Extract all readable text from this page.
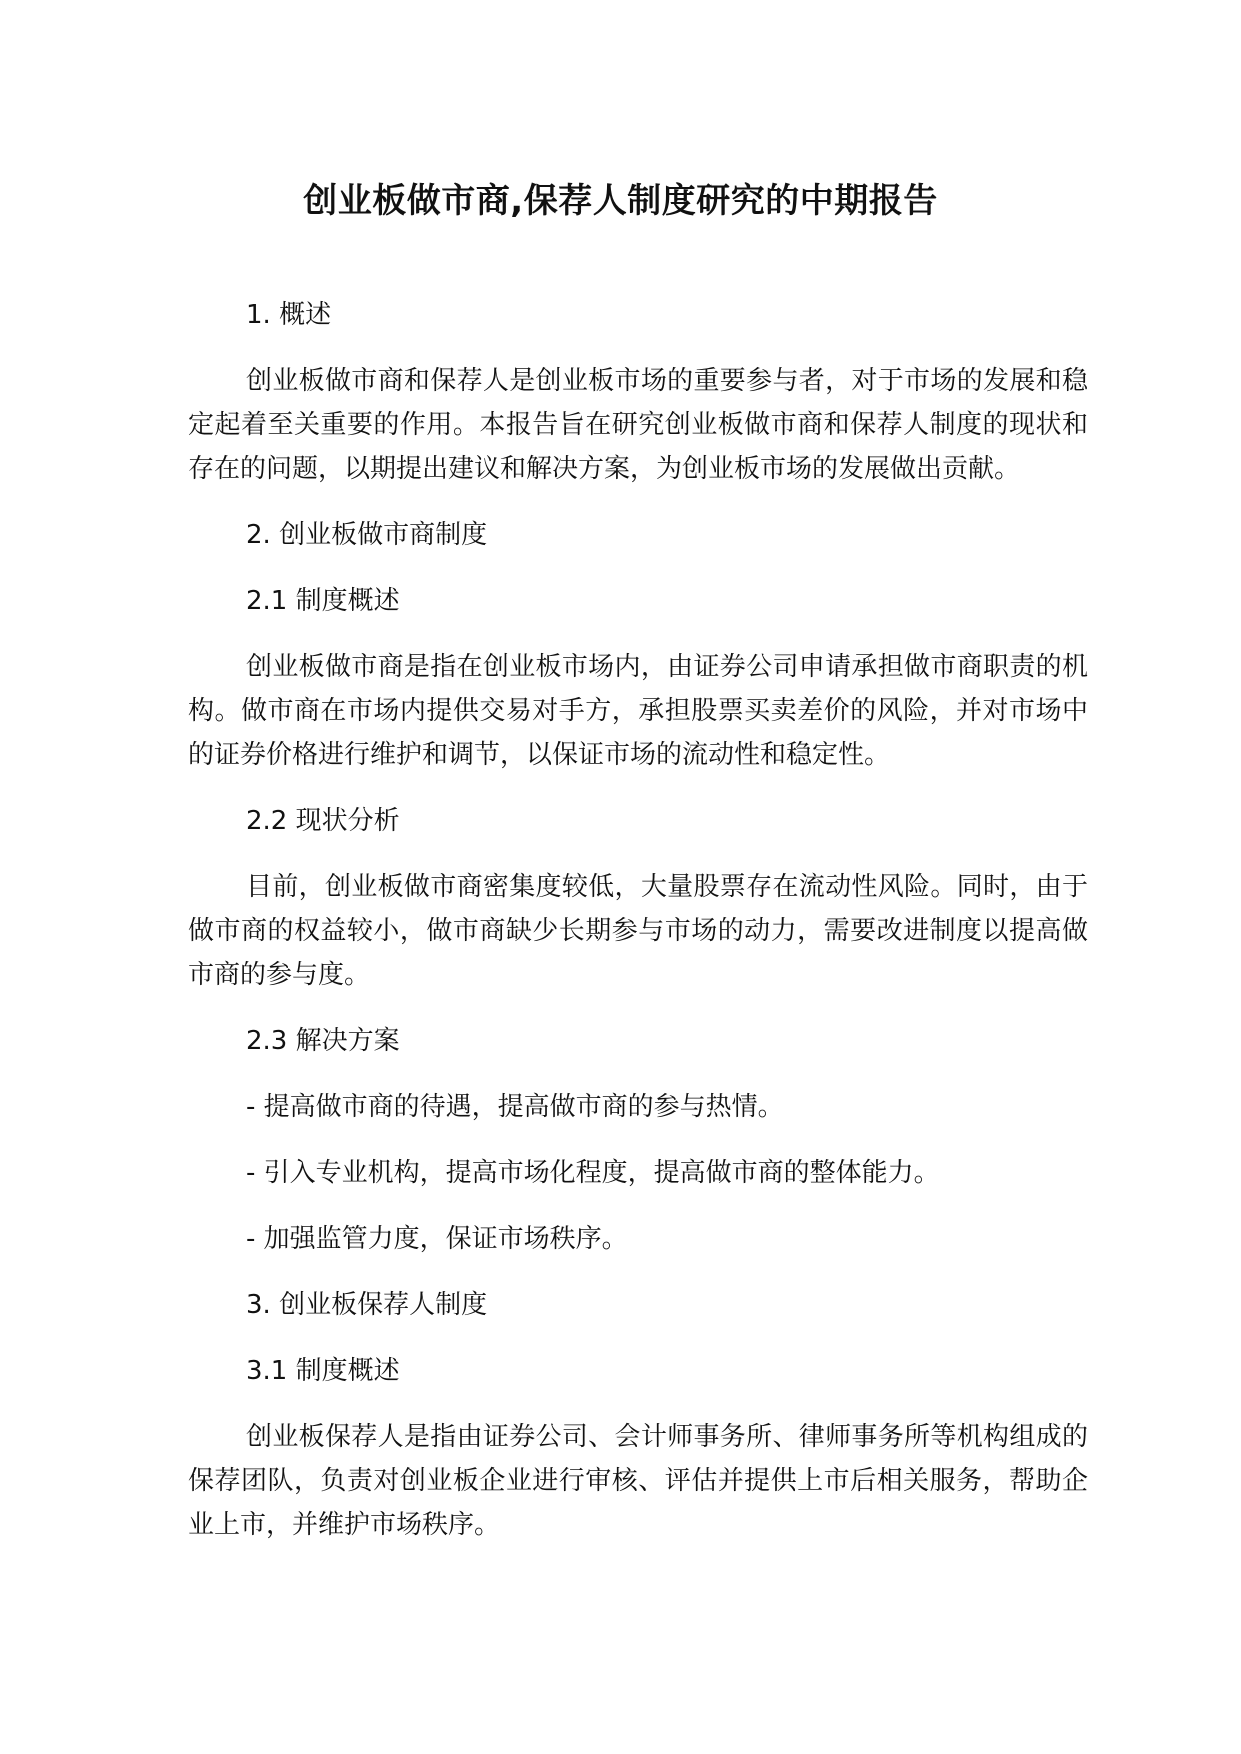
创业板做市商,保荐人制度研究的中期报告
1. 概述
创业板做市商和保荐人是创业板市场的重要参与者，对于市场的发展和稳定起着至关重要的作用。本报告旨在研究创业板做市商和保荐人制度的现状和存在的问题，以期提出建议和解决方案，为创业板市场的发展做出贡献。
2. 创业板做市商制度
2.1 制度概述
创业板做市商是指在创业板市场内，由证券公司申请承担做市商职责的机构。做市商在市场内提供交易对手方，承担股票买卖差价的风险，并对市场中的证券价格进行维护和调节，以保证市场的流动性和稳定性。
2.2 现状分析
目前，创业板做市商密集度较低，大量股票存在流动性风险。同时，由于做市商的权益较小，做市商缺少长期参与市场的动力，需要改进制度以提高做市商的参与度。
2.3 解决方案
- 提高做市商的待遇，提高做市商的参与热情。
- 引入专业机构，提高市场化程度，提高做市商的整体能力。
- 加强监管力度，保证市场秩序。
3. 创业板保荐人制度
3.1 制度概述
创业板保荐人是指由证券公司、会计师事务所、律师事务所等机构组成的保荐团队，负责对创业板企业进行审核、评估并提供上市后相关服务，帮助企业上市，并维护市场秩序。
